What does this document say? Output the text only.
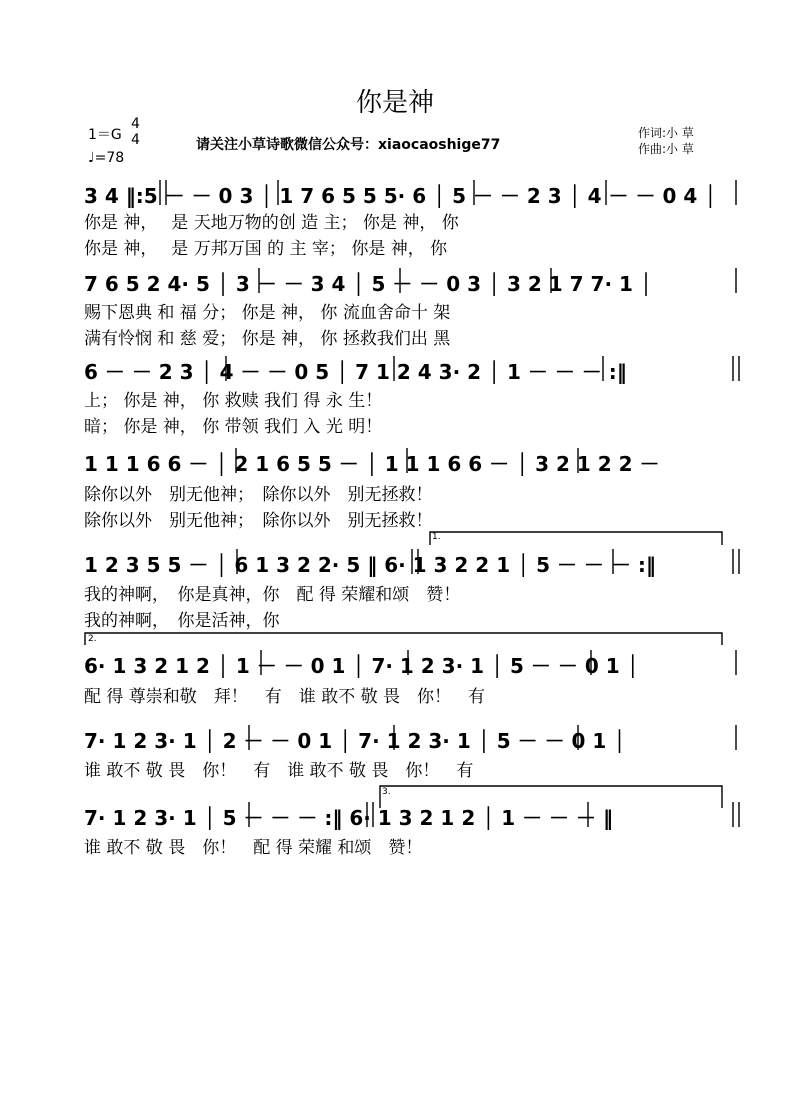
你是神
1＝G
4
4
♩=78
请关注小草诗歌微信公众号：xiaocaoshige77
作词:小 草
作曲:小 草
1.
2.
3.
3 4 ‖:5 － － 0 3 │ 1 7 6 5 5 5· 6 │ 5 － － 2 3 │ 4 － － 0 4 │
你是 神，　 是 天地万物的创 造 主； 你是 神， 你
你是 神，　 是 万邦万国 的 主 宰； 你是 神， 你
7 6 5 2 4· 5 │ 3 － － 3 4 │ 5 － － 0 3 │ 3 2 1 7 7· 1 │
赐下恩典 和 福 分； 你是 神， 你 流血舍命十 架
满有怜悯 和 慈 爱； 你是 神， 你 拯救我们出 黑
6 － － 2 3 │ 4 － － 0 5 │ 7 1 2 4 3· 2 │ 1 － － － :‖
上； 你是 神， 你 救赎 我们 得 永 生！
暗； 你是 神， 你 带领 我们 入 光 明！
1 1 1 6 6 － │ 2 1 6 5 5 － │ 1 1 1 6 6 － │ 3 2 1 2 2 －
除你以外　别无他神；　除你以外　别无拯救！
除你以外　别无他神；　除你以外　别无拯救！
1 2 3 5 5 － │ 6 1 3 2 2· 5 ‖ 6· 1 3 2 2 1 │ 5 － － － :‖
我的神啊，　你是真神，你　配 得 荣耀和颂　赞！
我的神啊，　你是活神，你
6· 1 3 2 1 2 │ 1 － － 0 1 │ 7· 1 2 3· 1 │ 5 － － 0 1 │
配 得 尊崇和敬　拜！　有　谁 敢不 敬 畏　你！　有
7· 1 2 3· 1 │ 2 － － 0 1 │ 7· 1 2 3· 1 │ 5 － － 0 1 │
谁 敢不 敬 畏　你！　有　谁 敢不 敬 畏　你！　有
7· 1 2 3· 1 │ 5 － － － :‖ 6· 1 3 2 1 2 │ 1 － － － ‖
谁 敢不 敬 畏　你！　配 得 荣耀 和颂　赞！
